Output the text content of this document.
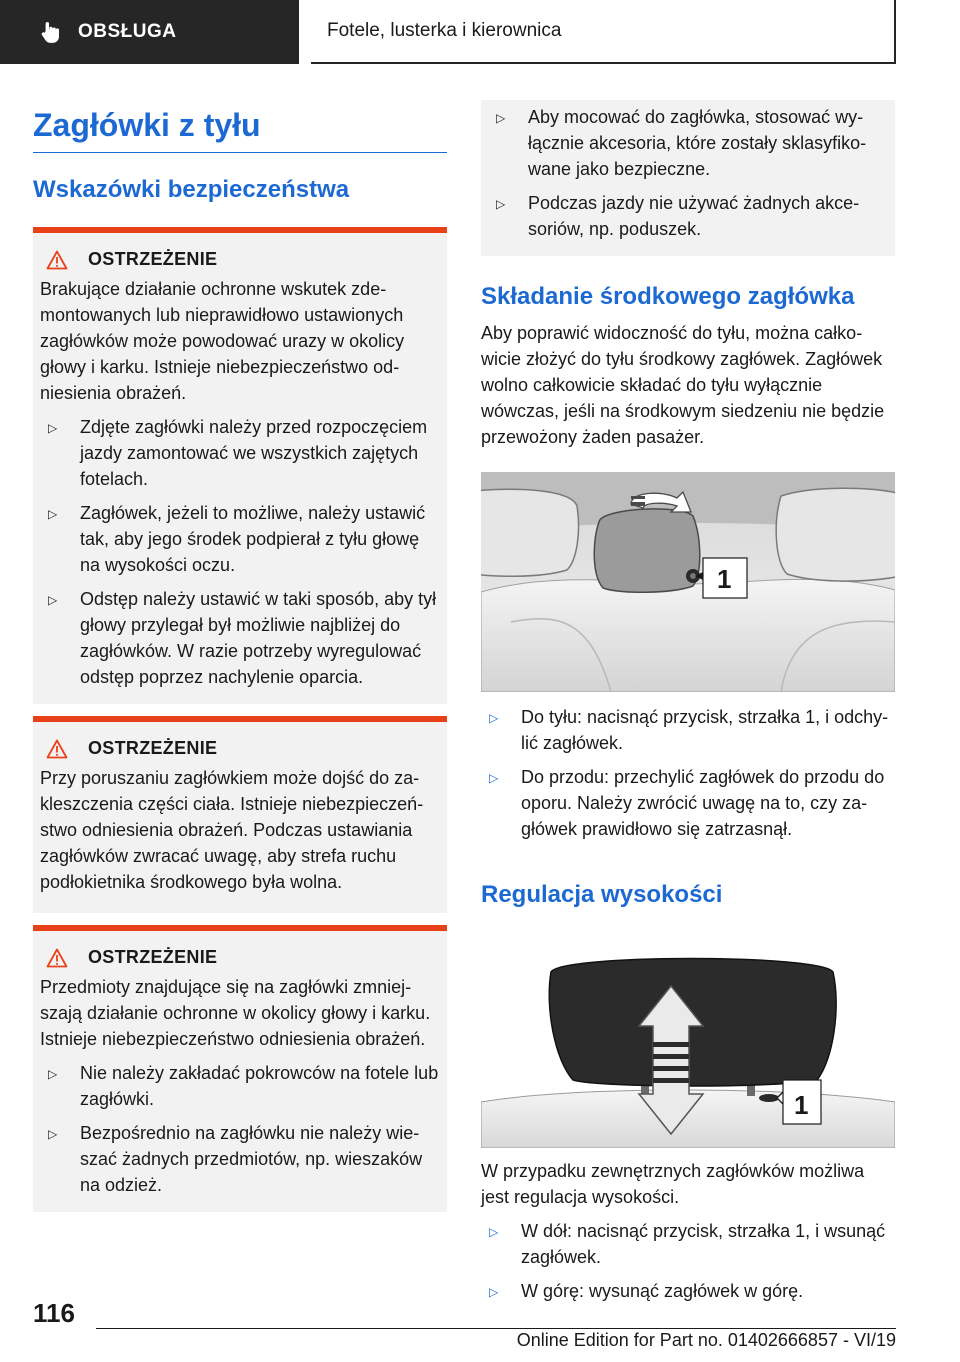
OBSŁUGA	Fotele, lusterka i kierownica
Zagłówki z tyłu
Wskazówki bezpieczeństwa
OSTRZEŻENIE
Brakujące działanie ochronne wskutek zdemontowanych lub nieprawidłowo ustawionych zagłówków może powodować urazy w okolicy głowy i karku. Istnieje niebezpieczeństwo odniesienia obrażeń.
▷ Zdjęte zagłówki należy przed rozpoczęciem jazdy zamontować we wszystkich zajętych fotelach.
▷ Zagłówek, jeżeli to możliwe, należy ustawić tak, aby jego środek podpierał z tyłu głowę na wysokości oczu.
▷ Odstęp należy ustawić w taki sposób, aby tył głowy przylegał był możliwie najbliżej do zagłówków. W razie potrzeby wyregulować odstęp poprzez nachylenie oparcia.
OSTRZEŻENIE
Przy poruszaniu zagłówkiem może dojść do zakleszczenia części ciała. Istnieje niebezpieczeństwo odniesienia obrażeń. Podczas ustawiania zagłówków zwracać uwagę, aby strefa ruchu podłokietnika środkowego była wolna.
OSTRZEŻENIE
Przedmioty znajdujące się na zagłówki zmniejszają działanie ochronne w okolicy głowy i karku. Istnieje niebezpieczeństwo odniesienia obrażeń.
▷ Nie należy zakładać pokrowców na fotele lub zagłówki.
▷ Bezpośrednio na zagłówku nie należy wieszać żadnych przedmiotów, np. wieszaków na odzież.
▷ Aby mocować do zagłówka, stosować wyłącznie akcesoria, które zostały sklasyfikowane jako bezpieczne.
▷ Podczas jazdy nie używać żadnych akcesoriów, np. poduszek.
Składanie środkowego zagłówka
Aby poprawić widoczność do tyłu, można całkowicie złożyć do tyłu środkowy zagłówek. Zagłówek wolno całkowicie składać do tyłu wyłącznie wówczas, jeśli na środkowym siedzeniu nie będzie przewożony żaden pasażer.
1
▷ Do tyłu: nacisnąć przycisk, strzałka 1, i odchylić zagłówek.
▷ Do przodu: przechylić zagłówek do przodu do oporu. Należy zwrócić uwagę na to, czy zagłówek prawidłowo się zatrzasnął.
Regulacja wysokości
1
W przypadku zewnętrznych zagłówków możliwa jest regulacja wysokości.
▷ W dół: nacisnąć przycisk, strzałka 1, i wsunąć zagłówek.
▷ W górę: wysunąć zagłówek w górę.
116
Online Edition for Part no. 01402666857 - VI/19
